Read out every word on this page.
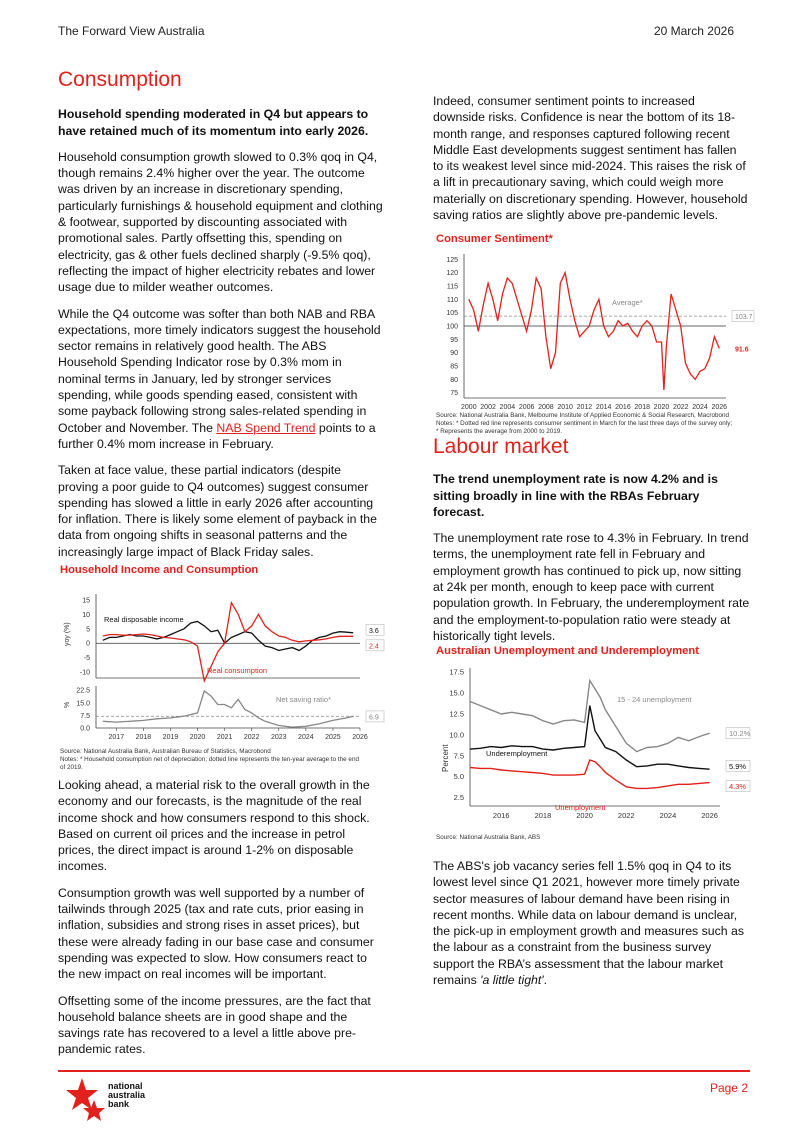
The Forward View Australia	20 March 2026
Consumption

Household spending moderated in Q4 but appears to have retained much of its momentum into early 2026.

Household consumption growth slowed to 0.3% qoq in Q4, though remains 2.4% higher over the year. The outcome was driven by an increase in discretionary spending, particularly furnishings & household equipment and clothing & footwear, supported by discounting associated with promotional sales. Partly offsetting this, spending on electricity, gas & other fuels declined sharply (-9.5% qoq), reflecting the impact of higher electricity rebates and lower usage due to milder weather outcomes.

While the Q4 outcome was softer than both NAB and RBA expectations, more timely indicators suggest the household sector remains in relatively good health. The ABS Household Spending Indicator rose by 0.3% mom in nominal terms in January, led by stronger services spending, while goods spending eased, consistent with some payback following strong sales-related spending in October and November. The NAB Spend Trend points to a further 0.4% mom increase in February.

Taken at face value, these partial indicators (despite proving a poor guide to Q4 outcomes) suggest consumer spending has slowed a little in early 2026 after accounting for inflation. There is likely some element of payback in the data from ongoing shifts in seasonal patterns and the increasingly large impact of Black Friday sales.

Household Income and Consumption
15
10
5
0
-5
-10
3.6
2.4
22.5
15.0
7.5
0.0
6.9
2017 2018 2019 2020 2021 2022 2023 2024 2025 2026
yoy (%)
%
Real disposable income
Real consumption
Net saving ratio*
Source: National Australia Bank, Australian Bureau of Statistics, Macrobond
Notes: * Household consumption net of depreciation; dotted line represents the ten-year average to the end of 2019.

Looking ahead, a material risk to the overall growth in the economy and our forecasts, is the magnitude of the real income shock and how consumers respond to this shock. Based on current oil prices and the increase in petrol prices, the direct impact is around 1-2% on disposable incomes.

Consumption growth was well supported by a number of tailwinds through 2025 (tax and rate cuts, prior easing in inflation, subsidies and strong rises in asset prices), but these were already fading in our base case and consumer spending was expected to slow. How consumers react to the new impact on real incomes will be important.

Offsetting some of the income pressures, are the fact that household balance sheets are in good shape and the savings rate has recovered to a level a little above pre-pandemic rates.

Indeed, consumer sentiment points to increased downside risks. Confidence is near the bottom of its 18-month range, and responses captured following recent Middle East developments suggest sentiment has fallen to its weakest level since mid-2024. This raises the risk of a lift in precautionary saving, which could weigh more materially on discretionary spending. However, household saving ratios are slightly above pre-pandemic levels.

Consumer Sentiment*
125
120
115
110
105
100
95
90
85
80
75
2000 2002 2004 2006 2008 2010 2012 2014 2016 2018 2020 2022 2024 2026
103.7
91.6
Average*
Source: National Australia Bank, Melbourne Institute of Applied Economic & Social Research, Macrobond
Notes: * Dotted red line represents consumer sentiment in March for the last three days of the survey only; * Represents the average from 2000 to 2019.
Labour market

The trend unemployment rate is now 4.2% and is sitting broadly in line with the RBAs February forecast.

The unemployment rate rose to 4.3% in February. In trend terms, the unemployment rate fell in February and employment growth has continued to pick up, now sitting at 24k per month, enough to keep pace with current population growth. In February, the underemployment rate and the employment-to-population ratio were steady at historically tight levels.

Australian Unemployment and Underemployment
17.5
15.0
12.5
10.0
7.5
5.0
2.5
2016	2018	2020	2022	2024	2026
10.2%
5.9%
4.3%
Percent
15 - 24 unemployment
Underemployment
Unemployment
Source: National Australia Bank, ABS

The ABS's job vacancy series fell 1.5% qoq in Q4 to its lowest level since Q1 2021, however more timely private sector measures of labour demand have been rising in recent months. While data on labour demand is unclear, the pick-up in employment growth and measures such as the labour as a constraint from the business survey support the RBA’s assessment that the labour market remains 'a little tight'.

national
australia
bank
Page 2
